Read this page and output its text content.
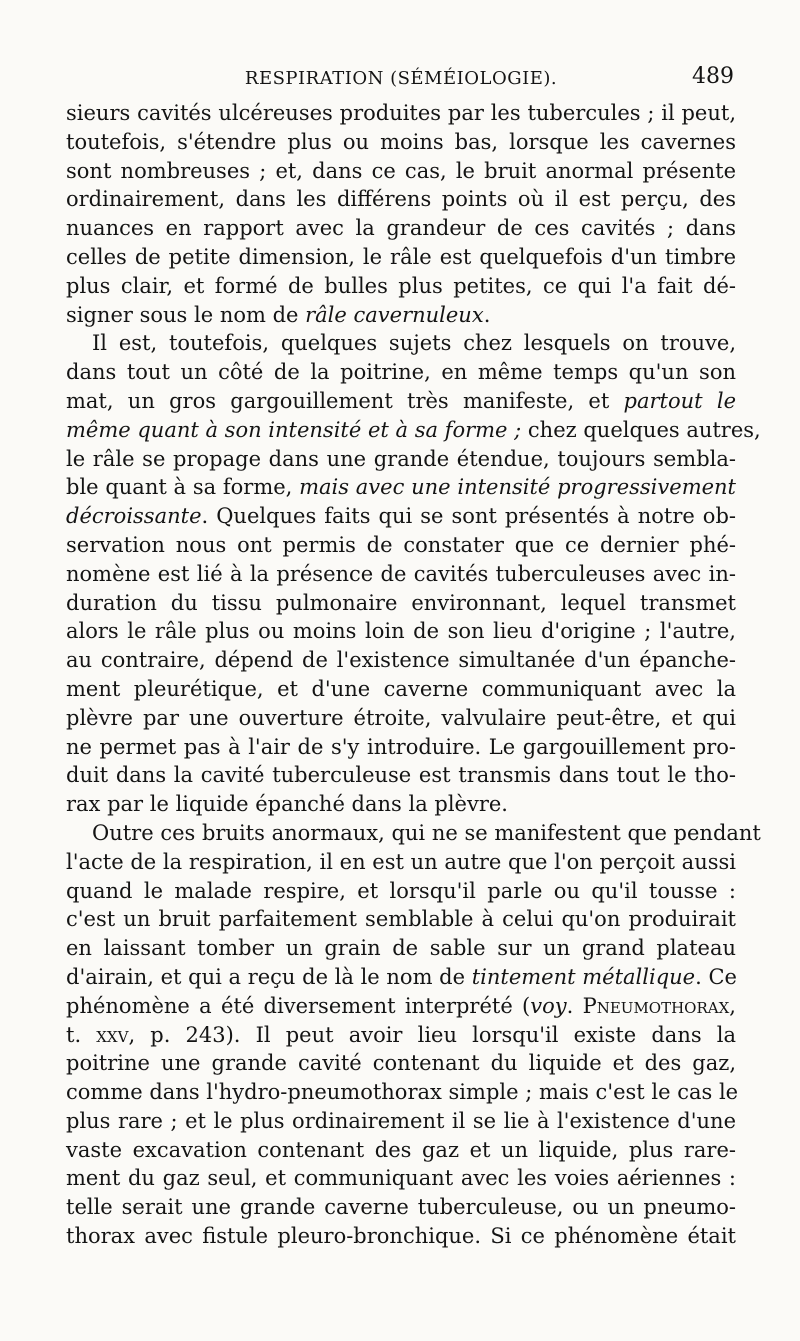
RESPIRATION (SÉMÉIOLOGIE).	489
sieurs cavités ulcéreuses produites par les tubercules ; il peut,
toutefois, s'étendre plus ou moins bas, lorsque les cavernes
sont nombreuses ; et, dans ce cas, le bruit anormal présente
ordinairement, dans les différens points où il est perçu, des
nuances en rapport avec la grandeur de ces cavités ; dans
celles de petite dimension, le râle est quelquefois d'un timbre
plus clair, et formé de bulles plus petites, ce qui l'a fait dé-
signer sous le nom de râle cavernuleux.
Il est, toutefois, quelques sujets chez lesquels on trouve,
dans tout un côté de la poitrine, en même temps qu'un son
mat, un gros gargouillement très manifeste, et partout le
même quant à son intensité et à sa forme ; chez quelques autres,
le râle se propage dans une grande étendue, toujours sembla-
ble quant à sa forme, mais avec une intensité progressivement
décroissante. Quelques faits qui se sont présentés à notre ob-
servation nous ont permis de constater que ce dernier phé-
nomène est lié à la présence de cavités tuberculeuses avec in-
duration du tissu pulmonaire environnant, lequel transmet
alors le râle plus ou moins loin de son lieu d'origine ; l'autre,
au contraire, dépend de l'existence simultanée d'un épanche-
ment pleurétique, et d'une caverne communiquant avec la
plèvre par une ouverture étroite, valvulaire peut-être, et qui
ne permet pas à l'air de s'y introduire. Le gargouillement pro-
duit dans la cavité tuberculeuse est transmis dans tout le tho-
rax par le liquide épanché dans la plèvre.
Outre ces bruits anormaux, qui ne se manifestent que pendant
l'acte de la respiration, il en est un autre que l'on perçoit aussi
quand le malade respire, et lorsqu'il parle ou qu'il tousse :
c'est un bruit parfaitement semblable à celui qu'on produirait
en laissant tomber un grain de sable sur un grand plateau
d'airain, et qui a reçu de là le nom de tintement métallique. Ce
phénomène a été diversement interprété (voy. Pneumothorax,
t. xxv, p. 243). Il peut avoir lieu lorsqu'il existe dans la
poitrine une grande cavité contenant du liquide et des gaz,
comme dans l'hydro-pneumothorax simple ; mais c'est le cas le
plus rare ; et le plus ordinairement il se lie à l'existence d'une
vaste excavation contenant des gaz et un liquide, plus rare-
ment du gaz seul, et communiquant avec les voies aériennes :
telle serait une grande caverne tuberculeuse, ou un pneumo-
thorax avec fistule pleuro-bronchique. Si ce phénomène était
